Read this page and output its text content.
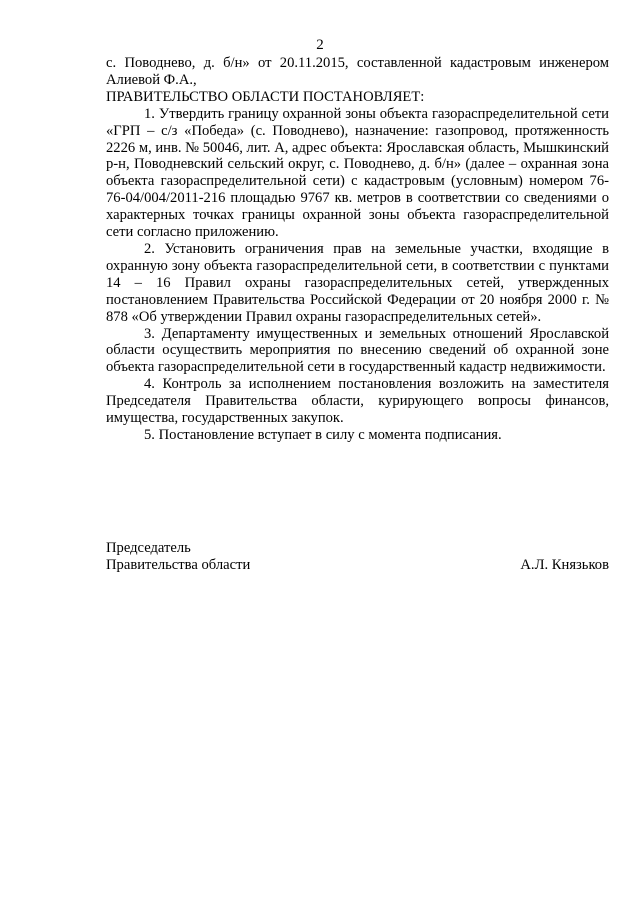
2

с. Поводнево, д. б/н» от 20.11.2015, составленной кадастровым инженером Алиевой Ф.А.,

ПРАВИТЕЛЬСТВО ОБЛАСТИ ПОСТАНОВЛЯЕТ:

1. Утвердить границу охранной зоны объекта газораспределительной сети «ГРП – с/з «Победа» (с. Поводнево), назначение: газопровод, протяженность 2226 м, инв. № 50046, лит. А, адрес объекта: Ярославская область, Мышкинский р-н, Поводневский сельский округ, с. Поводнево, д. б/н» (далее – охранная зона объекта газораспределительной сети) с кадастровым (условным) номером 76-76-04/004/2011-216 площадью 9767 кв. метров в соответствии со сведениями о характерных точках границы охранной зоны объекта газораспределительной сети согласно приложению.

2. Установить ограничения прав на земельные участки, входящие в охранную зону объекта газораспределительной сети, в соответствии с пунктами 14 – 16 Правил охраны газораспределительных сетей, утвержденных постановлением Правительства Российской Федерации от 20 ноября 2000 г. № 878 «Об утверждении Правил охраны газораспределительных сетей».

3. Департаменту имущественных и земельных отношений Ярославской области осуществить мероприятия по внесению сведений об охранной зоне объекта газораспределительной сети в государственный кадастр недвижимости.

4. Контроль за исполнением постановления возложить на заместителя Председателя Правительства области, курирующего вопросы финансов, имущества, государственных закупок.

5. Постановление вступает в силу с момента подписания.

Председатель
Правительства области	А.Л. Князьков
